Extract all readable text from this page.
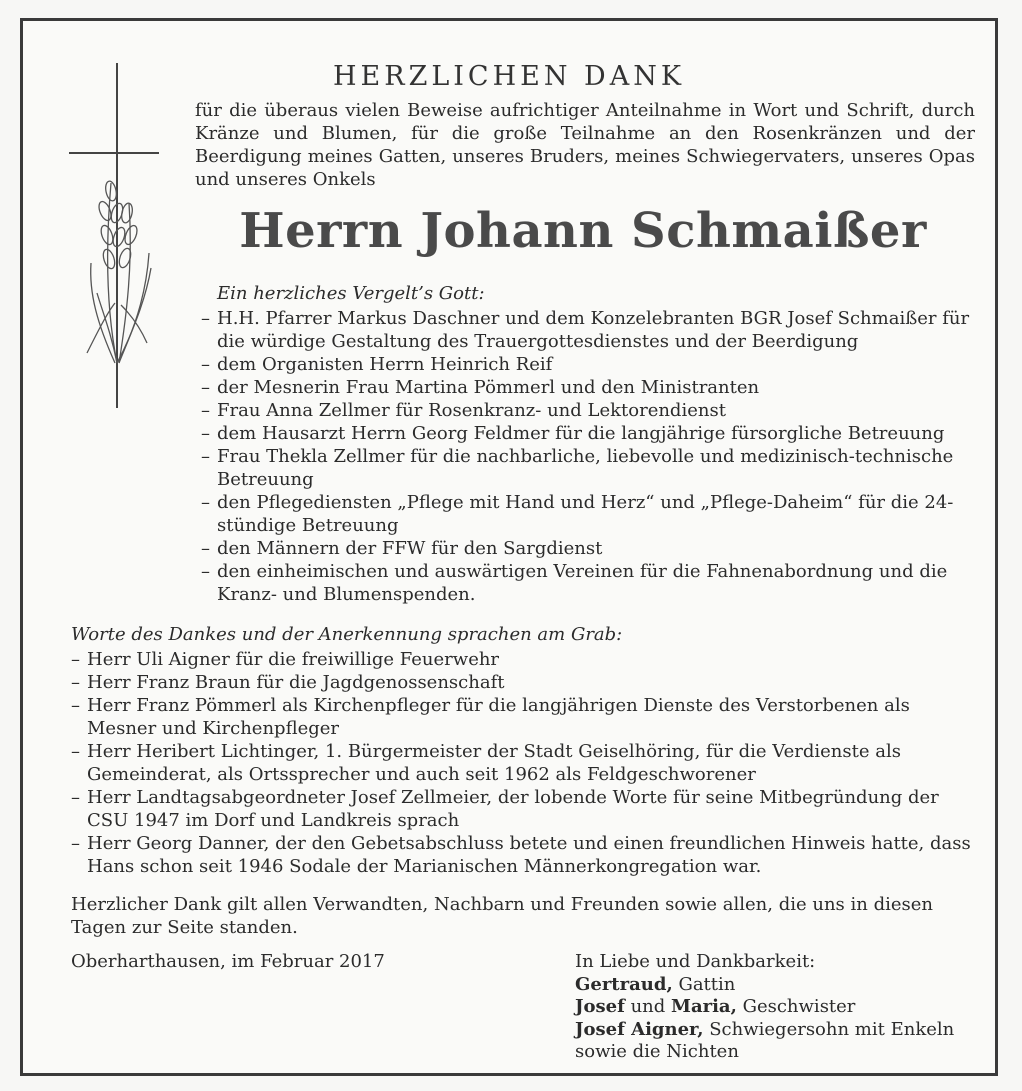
HERZLICHEN DANK
für die überaus vielen Beweise aufrichtiger Anteilnahme in Wort und Schrift, durch Kränze und Blumen, für die große Teilnahme an den Rosenkränzen und der Beerdigung meines Gatten, unseres Bruders, meines Schwiegervaters, unseres Opas und unseres Onkels
Herrn Johann Schmaißer
Ein herzliches Vergelt’s Gott:
– H.H. Pfarrer Markus Daschner und dem Konzelebranten BGR Josef Schmaißer für die würdige Gestaltung des Trauergottesdienstes und der Beerdigung
– dem Organisten Herrn Heinrich Reif
– der Mesnerin Frau Martina Pömmerl und den Ministranten
– Frau Anna Zellmer für Rosenkranz- und Lektorendienst
– dem Hausarzt Herrn Georg Feldmer für die langjährige fürsorgliche Betreuung
– Frau Thekla Zellmer für die nachbarliche, liebevolle und medizinisch-technische Betreuung
– den Pflegediensten „Pflege mit Hand und Herz“ und „Pflege-Daheim“ für die 24-stündige Betreuung
– den Männern der FFW für den Sargdienst
– den einheimischen und auswärtigen Vereinen für die Fahnenabordnung und die Kranz- und Blumenspenden.
Worte des Dankes und der Anerkennung sprachen am Grab:
– Herr Uli Aigner für die freiwillige Feuerwehr
– Herr Franz Braun für die Jagdgenossenschaft
– Herr Franz Pömmerl als Kirchenpfleger für die langjährigen Dienste des Verstorbenen als Mesner und Kirchenpfleger
– Herr Heribert Lichtinger, 1. Bürgermeister der Stadt Geiselhöring, für die Verdienste als Gemeinderat, als Ortssprecher und auch seit 1962 als Feldgeschworener
– Herr Landtagsabgeordneter Josef Zellmeier, der lobende Worte für seine Mitbegründung der CSU 1947 im Dorf und Landkreis sprach
– Herr Georg Danner, der den Gebetsabschluss betete und einen freundlichen Hinweis hatte, dass Hans schon seit 1946 Sodale der Marianischen Männerkongregation war.
Herzlicher Dank gilt allen Verwandten, Nachbarn und Freunden sowie allen, die uns in diesen Tagen zur Seite standen.
Oberharthausen, im Februar 2017	In Liebe und Dankbarkeit:
Gertraud, Gattin
Josef und Maria, Geschwister
Josef Aigner, Schwiegersohn mit Enkeln
sowie die Nichten
